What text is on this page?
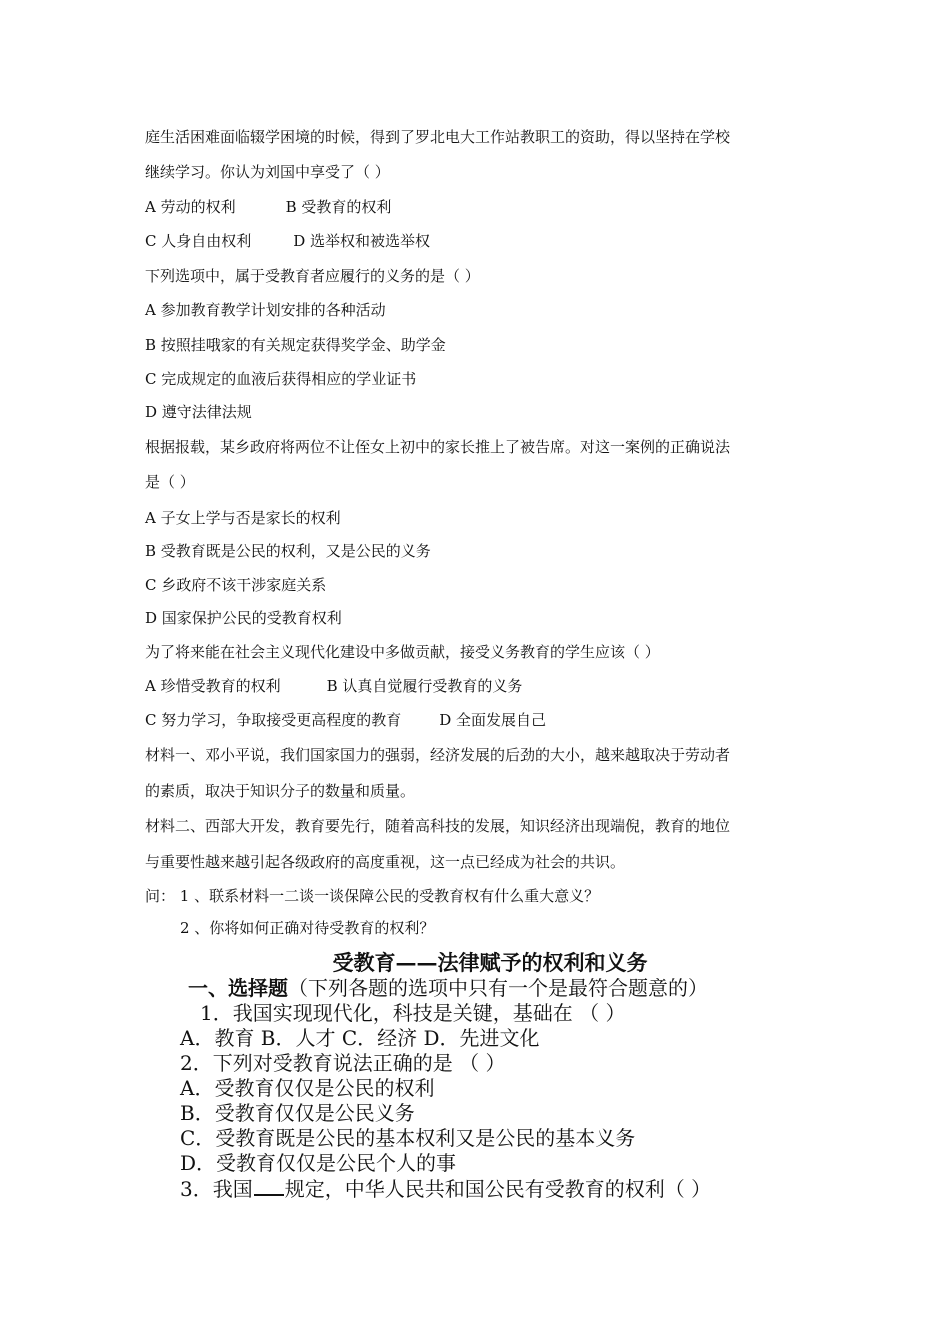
庭生活困难面临辍学困境的时候，得到了罗北电大工作站教职工的资助，得以坚持在学校
继续学习。你认为刘国中享受了（ ）
A 劳动的权利	B 受教育的权利
C 人身自由权利	D 选举权和被选举权
下列选项中，属于受教育者应履行的义务的是（ ）
A 参加教育教学计划安排的各种活动
B 按照挂哦家的有关规定获得奖学金、助学金
C 完成规定的血液后获得相应的学业证书
D 遵守法律法规
根据报载，某乡政府将两位不让侄女上初中的家长推上了被告席。对这一案例的正确说法
是（ ）
A 子女上学与否是家长的权利
B 受教育既是公民的权利，又是公民的义务
C 乡政府不该干涉家庭关系
D 国家保护公民的受教育权利
为了将来能在社会主义现代化建设中多做贡献，接受义务教育的学生应该（ ）
A 珍惜受教育的权利	B 认真自觉履行受教育的义务
C 努力学习，争取接受更高程度的教育	D 全面发展自己
材料一、邓小平说，我们国家国力的强弱，经济发展的后劲的大小，越来越取决于劳动者
的素质，取决于知识分子的数量和质量。
材料二、西部大开发，教育要先行，随着高科技的发展，知识经济出现端倪，教育的地位
与重要性越来越引起各级政府的高度重视，这一点已经成为社会的共识。
问： 1 、联系材料一二谈一谈保障公民的受教育权有什么重大意义？
2 、你将如何正确对待受教育的权利？
受教育——法律赋予的权利和义务
一、选择题（下列各题的选项中只有一个是最符合题意的）
1．我国实现现代化，科技是关键，基础在 （ ）
A．教育 B．人才 C．经济 D．先进文化
2．下列对受教育说法正确的是 （ ）
A．受教育仅仅是公民的权利
B．受教育仅仅是公民义务
C．受教育既是公民的基本权利又是公民的基本义务
D．受教育仅仅是公民个人的事
3．我国 规定，中华人民共和国公民有受教育的权利（ ）
